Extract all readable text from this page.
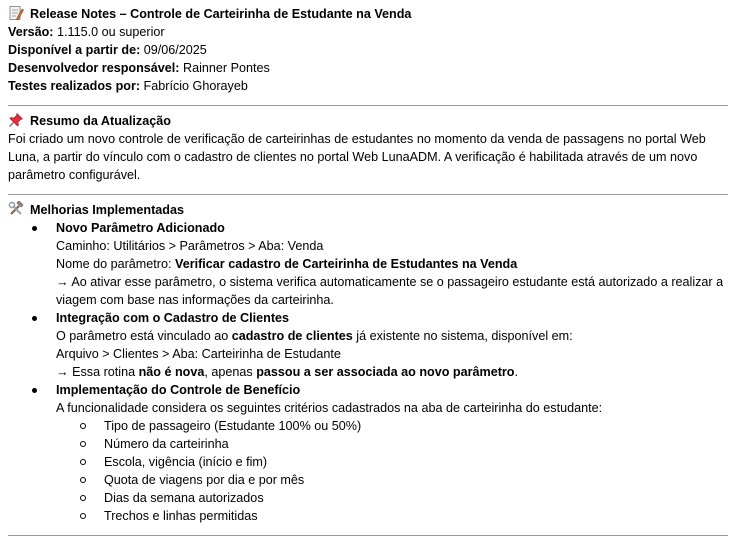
Release Notes – Controle de Carteirinha de Estudante na Venda
Versão: 1.115.0 ou superior
Disponível a partir de: 09/06/2025
Desenvolvedor responsável: Rainner Pontes
Testes realizados por: Fabrício Ghorayeb
Resumo da Atualização
Foi criado um novo controle de verificação de carteirinhas de estudantes no momento da venda de passagens no portal Web Luna, a partir do vínculo com o cadastro de clientes no portal Web LunaADM. A verificação é habilitada através de um novo parâmetro configurável.
Melhorias Implementadas
Novo Parâmetro Adicionado
Caminho: Utilitários > Parâmetros > Aba: Venda
Nome do parâmetro: Verificar cadastro de Carteirinha de Estudantes na Venda
→ Ao ativar esse parâmetro, o sistema verifica automaticamente se o passageiro estudante está autorizado a realizar a viagem com base nas informações da carteirinha.
Integração com o Cadastro de Clientes
O parâmetro está vinculado ao cadastro de clientes já existente no sistema, disponível em:
Arquivo > Clientes > Aba: Carteirinha de Estudante
→ Essa rotina não é nova, apenas passou a ser associada ao novo parâmetro.
Implementação do Controle de Benefício
A funcionalidade considera os seguintes critérios cadastrados na aba de carteirinha do estudante:
Tipo de passageiro (Estudante 100% ou 50%)
Número da carteirinha
Escola, vigência (início e fim)
Quota de viagens por dia e por mês
Dias da semana autorizados
Trechos e linhas permitidas
